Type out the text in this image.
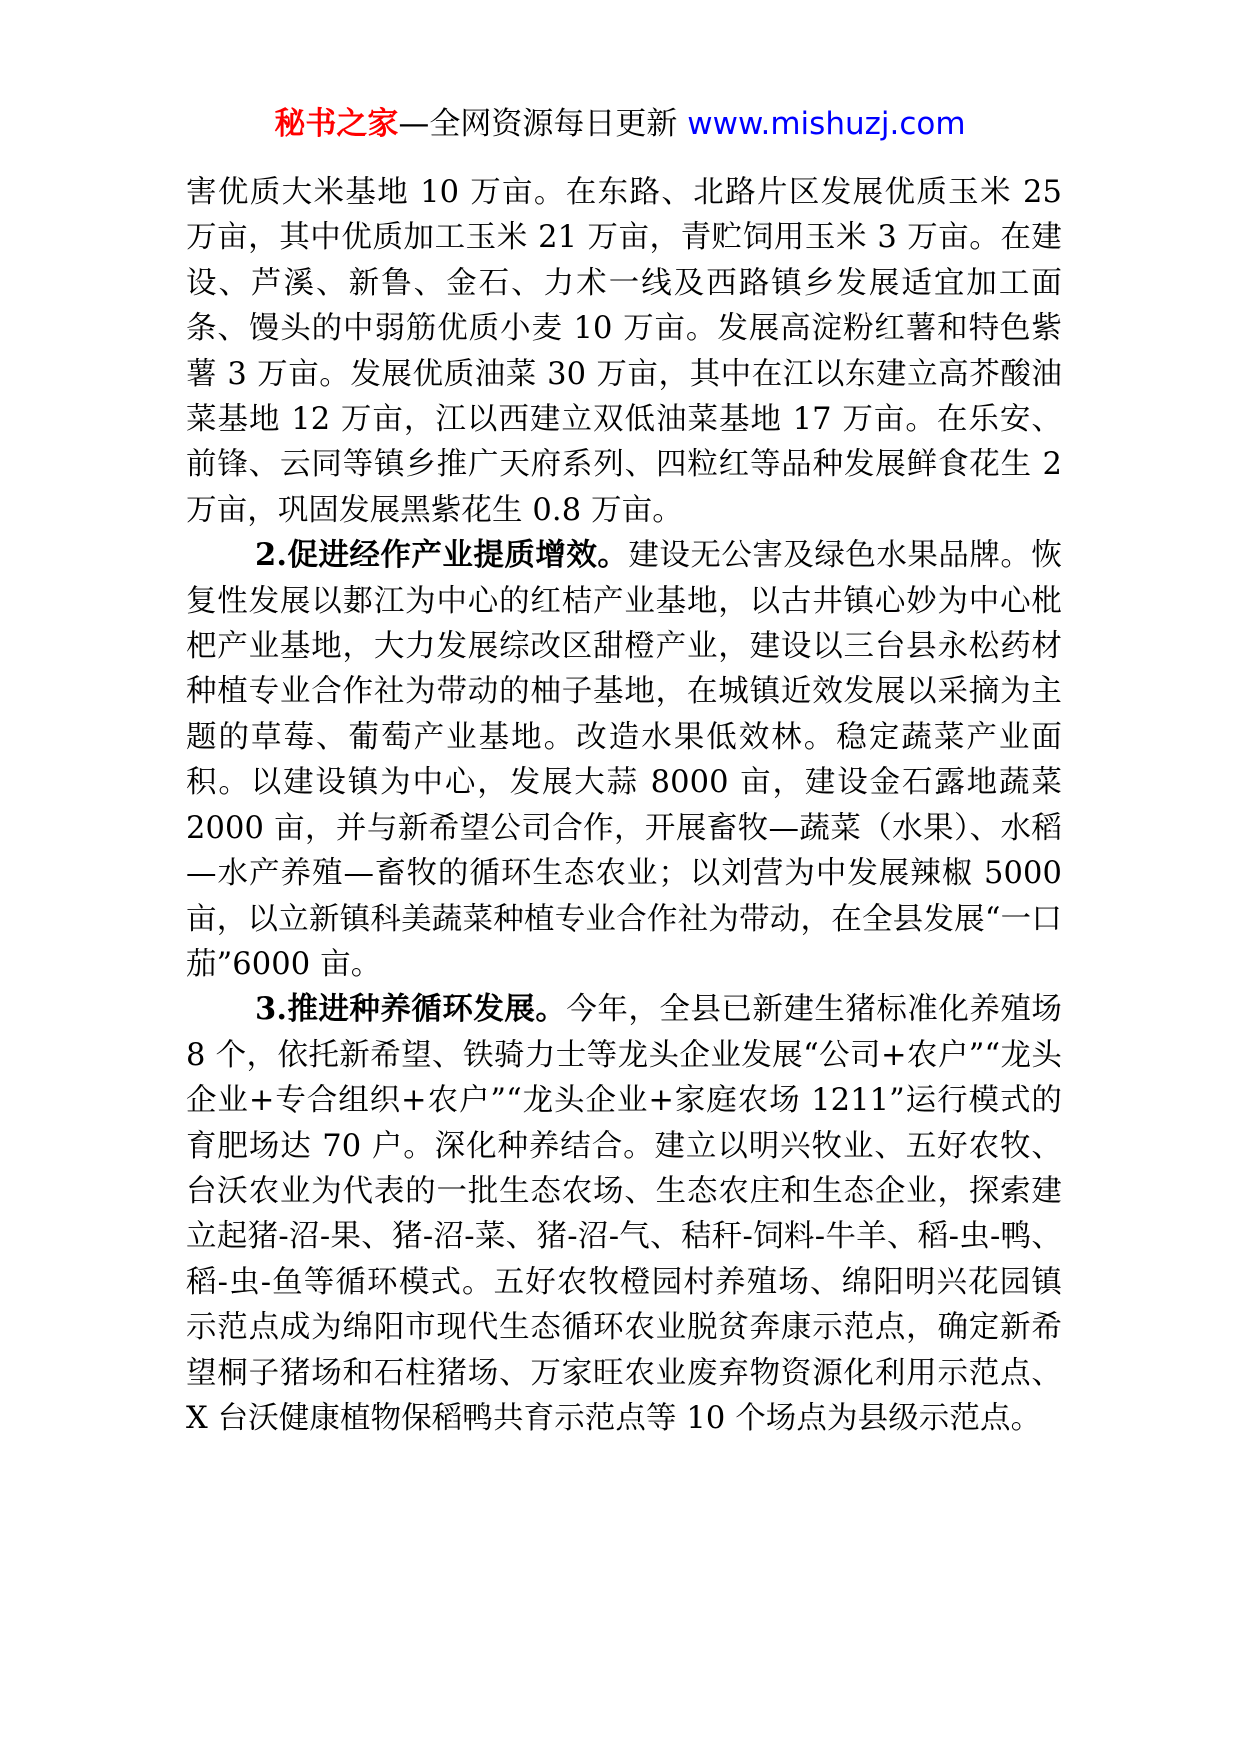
秘书之家—全网资源每日更新 www.mishuzj.com

害优质大米基地 10 万亩。在东路、北路片区发展优质玉米 25 万亩，其中优质加工玉米 21 万亩，青贮饲用玉米 3 万亩。在建设、芦溪、新鲁、金石、力术一线及西路镇乡发展适宜加工面条、馒头的中弱筋优质小麦 10 万亩。发展高淀粉红薯和特色紫薯 3 万亩。发展优质油菜 30 万亩，其中在江以东建立高芥酸油菜基地 12 万亩，江以西建立双低油菜基地 17 万亩。在乐安、前锋、云同等镇乡推广天府系列、四粒红等品种发展鲜食花生 2 万亩，巩固发展黑紫花生 0.8 万亩。

2.促进经作产业提质增效。建设无公害及绿色水果品牌。恢复性发展以郪江为中心的红桔产业基地，以古井镇心妙为中心枇杷产业基地，大力发展综改区甜橙产业，建设以三台县永松药材种植专业合作社为带动的柚子基地，在城镇近效发展以采摘为主题的草莓、葡萄产业基地。改造水果低效林。稳定蔬菜产业面积。以建设镇为中心，发展大蒜 8000 亩，建设金石露地蔬菜 2000 亩，并与新希望公司合作，开展畜牧—蔬菜（水果）、水稻—水产养殖—畜牧的循环生态农业；以刘营为中发展辣椒 5000 亩，以立新镇科美蔬菜种植专业合作社为带动，在全县发展“一口茄”6000 亩。

3.推进种养循环发展。今年，全县已新建生猪标准化养殖场 8 个，依托新希望、铁骑力士等龙头企业发展“公司+农户”“龙头企业+专合组织+农户”“龙头企业+家庭农场 1211”运行模式的育肥场达 70 户。深化种养结合。建立以明兴牧业、五好农牧、台沃农业为代表的一批生态农场、生态农庄和生态企业，探索建立起猪-沼-果、猪-沼-菜、猪-沼-气、秸秆-饲料-牛羊、稻-虫-鸭、稻-虫-鱼等循环模式。五好农牧橙园村养殖场、绵阳明兴花园镇示范点成为绵阳市现代生态循环农业脱贫奔康示范点，确定新希望桐子猪场和石柱猪场、万家旺农业废弃物资源化利用示范点、X 台沃健康植物保稻鸭共育示范点等 10 个场点为县级示范点。
